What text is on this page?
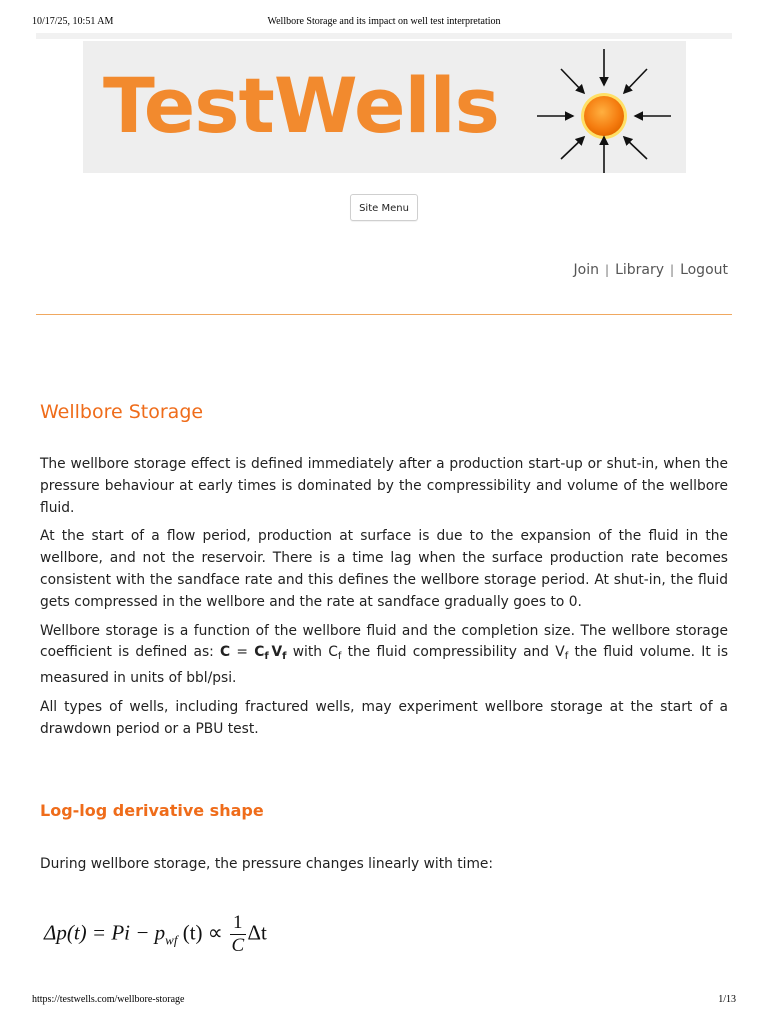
10/17/25, 10:51 AM	Wellbore Storage and its impact on well test interpretation
TestWells
Site Menu
Join | Library | Logout
Wellbore Storage

The wellbore storage effect is defined immediately after a production start-up or shut-in, when the pressure behaviour at early times is dominated by the compressibility and volume of the wellbore fluid.

At the start of a flow period, production at surface is due to the expansion of the fluid in the wellbore, and not the reservoir. There is a time lag when the surface production rate becomes consistent with the sandface rate and this defines the wellbore storage period. At shut-in, the fluid gets compressed in the wellbore and the rate at sandface gradually goes to 0.

Wellbore storage is a function of the wellbore fluid and the completion size. The wellbore storage coefficient is defined as: $C = C_f$  $V_f$ with $C_f$ the fluid compressibility and $V_f$ the fluid volume. It is measured in units of bbl/psi.

All types of wells, including fractured wells, may experiment wellbore storage at the start of a drawdown period or a PBU test.

Log-log derivative shape

During wellbore storage, the pressure changes linearly with time:

$\Delta p(t) = Pi - p_{wf}$ $(t) \propto \frac{1}{C}$ Δt
https://testwells.com/wellbore-storage	1/13
